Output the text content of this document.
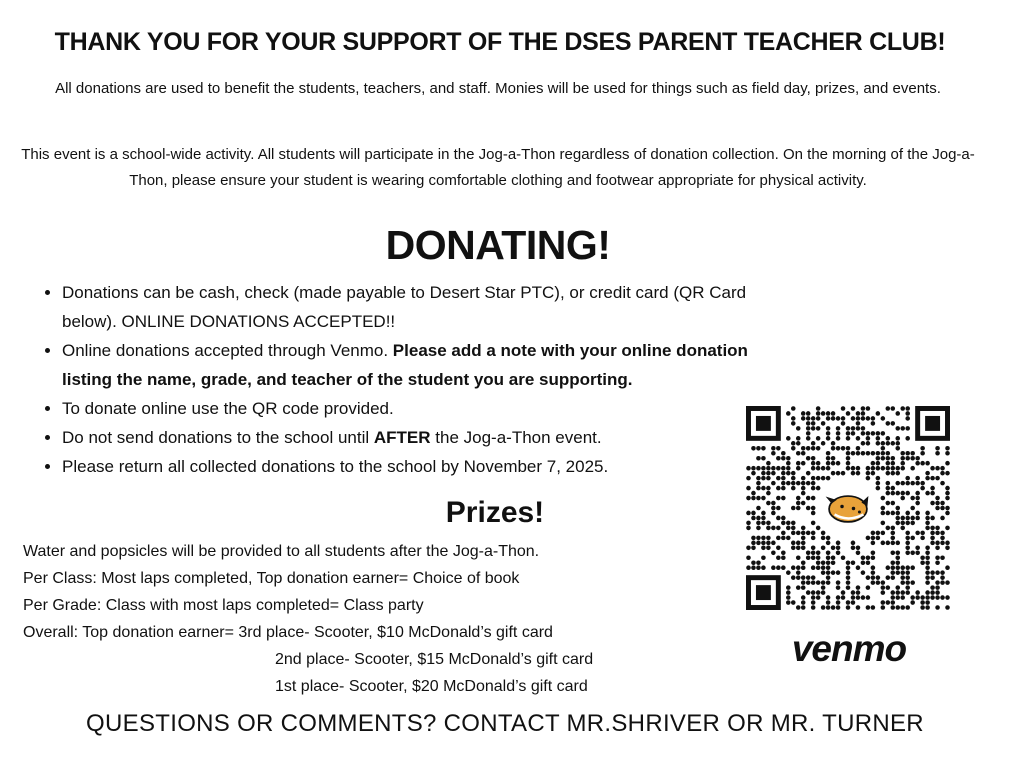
THANK YOU FOR YOUR SUPPORT OF THE DSES PARENT TEACHER CLUB!
All donations are used to benefit the students, teachers, and staff. Monies will be used for things such as field day, prizes, and events.
This event is a school-wide activity. All students will participate in the Jog-a-Thon regardless of donation collection. On the morning of the Jog-a-Thon, please ensure your student is wearing comfortable clothing and footwear appropriate for physical activity.
DONATING!
• Donations can be cash, check (made payable to Desert Star PTC), or credit card (QR Card below). ONLINE DONATIONS ACCEPTED!!
• Online donations accepted through Venmo. Please add a note with your online donation listing the name, grade, and teacher of the student you are supporting.
• To donate online use the QR code provided.
• Do not send donations to the school until AFTER the Jog-a-Thon event.
• Please return all collected donations to the school by November 7, 2025.
venmo
Prizes!
Water and popsicles will be provided to all students after the Jog-a-Thon.
Per Class: Most laps completed, Top donation earner= Choice of book
Per Grade: Class with most laps completed= Class party
Overall: Top donation earner= 3rd place- Scooter, $10 McDonald’s gift card
2nd place- Scooter, $15 McDonald’s gift card
1st place- Scooter, $20 McDonald’s gift card
QUESTIONS OR COMMENTS? CONTACT MR.SHRIVER OR MR. TURNER
